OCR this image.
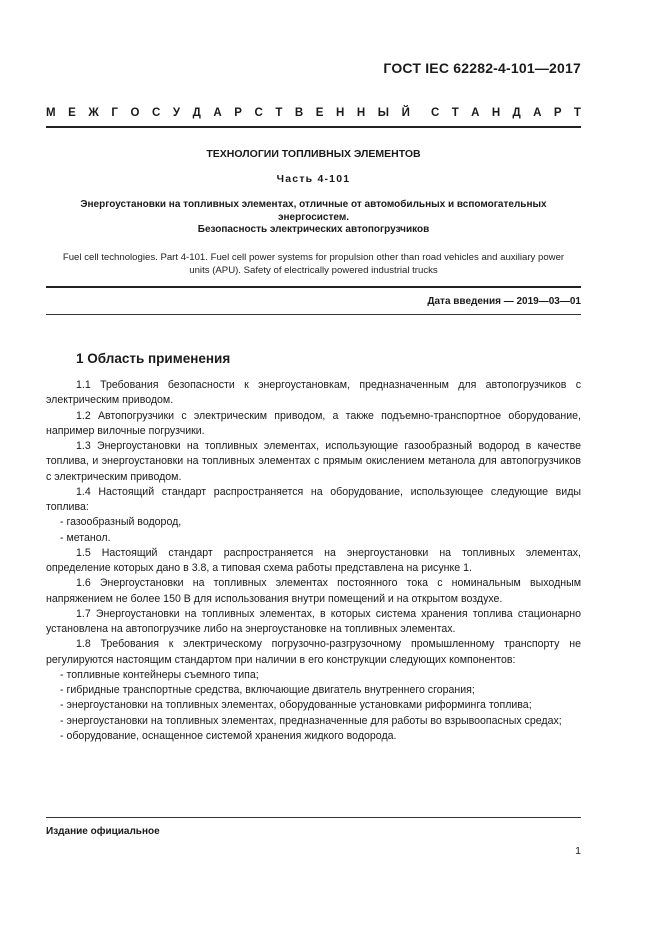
ГОСТ IEC 62282-4-101—2017
М Е Ж Г О С У Д А Р С Т В Е Н Н Ы Й С Т А Н Д А Р Т
ТЕХНОЛОГИИ ТОПЛИВНЫХ ЭЛЕМЕНТОВ
Часть 4-101
Энергоустановки на топливных элементах, отличные от автомобильных и вспомогательных
энергосистем.
Безопасность электрических автопогрузчиков
Fuel cell technologies. Part 4-101. Fuel cell power systems for propulsion other than road vehicles and auxiliary power
units (APU). Safety of electrically powered industrial trucks
Дата введения — 2019—03—01
1 Область применения

1.1 Требования безопасности к энергоустановкам, предназначенным для автопогрузчиков с электрическим приводом.

1.2 Автопогрузчики с электрическим приводом, а также подъемно-транспортное оборудование, например вилочные погрузчики.

1.3 Энергоустановки на топливных элементах, использующие газообразный водород в качестве топлива, и энергоустановки на топливных элементах с прямым окислением метанола для автопогрузчиков с электрическим приводом.

1.4 Настоящий стандарт распространяется на оборудование, использующее следующие виды топлива:

- газообразный водород,

- метанол.

1.5 Настоящий стандарт распространяется на энергоустановки на топливных элементах, определение которых дано в 3.8, а типовая схема работы представлена на рисунке 1.

1.6 Энергоустановки на топливных элементах постоянного тока с номинальным выходным напряжением не более 150 В для использования внутри помещений и на открытом воздухе.

1.7 Энергоустановки на топливных элементах, в которых система хранения топлива стационарно установлена на автопогрузчике либо на энергоустановке на топливных элементах.

1.8 Требования к электрическому погрузочно-разгрузочному промышленному транспорту не регулируются настоящим стандартом при наличии в его конструкции следующих компонентов:

- топливные контейнеры съемного типа;

- гибридные транспортные средства, включающие двигатель внутреннего сгорания;

- энергоустановки на топливных элементах, оборудованные установками риформинга топлива;

- энергоустановки на топливных элементах, предназначенные для работы во взрывоопасных средах;

- оборудование, оснащенное системой хранения жидкого водорода.

Издание официальное
1
